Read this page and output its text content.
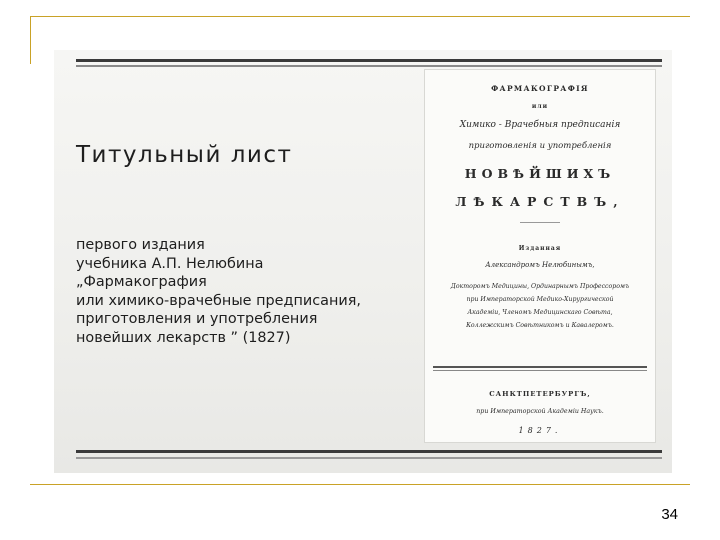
Титульный лист
первого издания
учебника А.П. Нелюбина
„Фармакография
или химико-врачебные предписания,
приготовления и употребления
новейших лекарств ” (1827)
ФАРМАКОГРАФІЯ
или
Химико - Врачебныя предписанія
приготовленія и употребленія
НОВѢЙШИХЪ
ЛѢКАРСТВЪ,
Изданная
Александромъ Нелюбинымъ,
Докторомъ Медицины, Ординарнымъ Профессоромъ
при Императорской Медико-Хирургической
Академіи, Членомъ Медицинскаго Совѣта,
Коллежскимъ Совѣтникомъ и Кавалеромъ.
САНКТПЕТЕРБУРГЪ,
при Императорской Академіи Наукъ.
1827.
34
